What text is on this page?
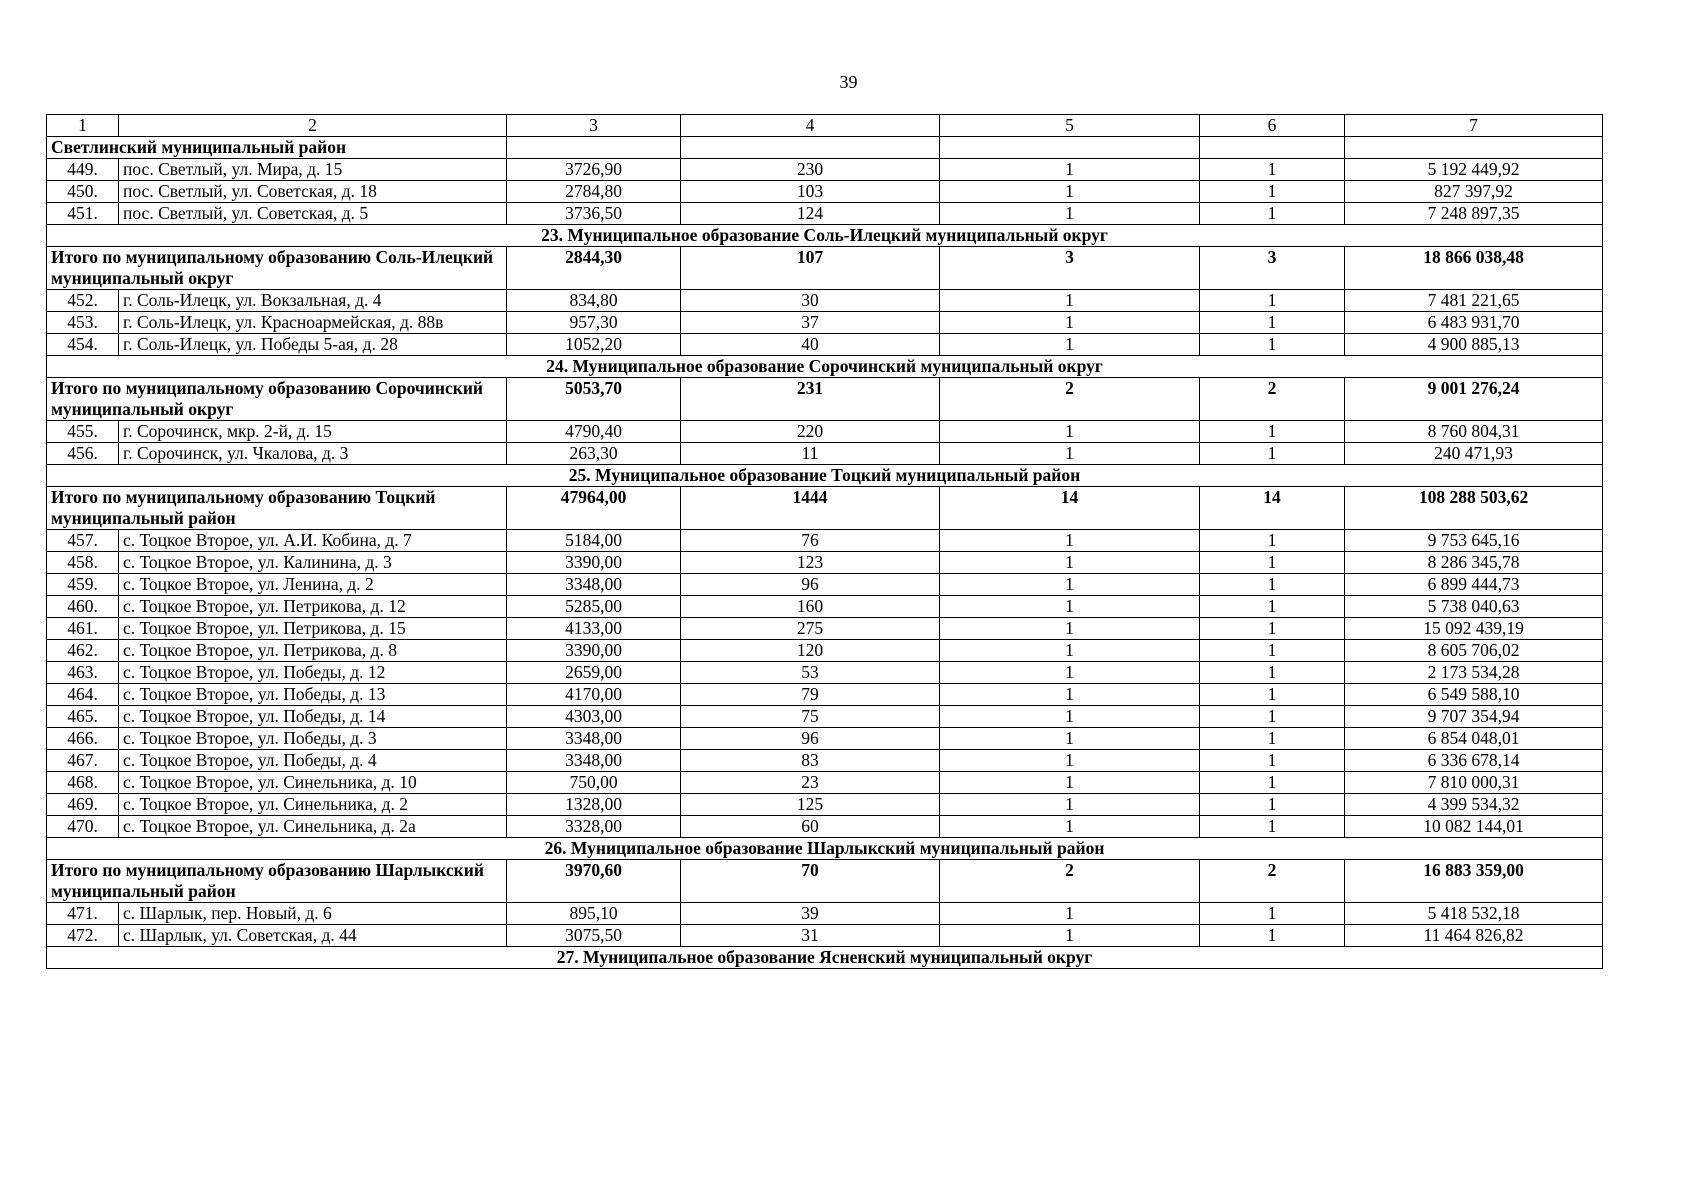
39
1	2	3	4	5	6	7
Светлинский муниципальный район						
449.	пос. Светлый, ул. Мира, д. 15	3726,90	230	1	1	5 192 449,92
450.	пос. Светлый, ул. Советская, д. 18	2784,80	103	1	1	827 397,92
451.	пос. Светлый, ул. Советская, д. 5	3736,50	124	1	1	7 248 897,35
23. Муниципальное образование Соль-Илецкий муниципальный округ						
Итого по муниципальному образованию Соль-Илецкий муниципальный округ		2844,30	107	3	3	18 866 038,48
452.	г. Соль-Илецк, ул. Вокзальная, д. 4	834,80	30	1	1	7 481 221,65
453.	г. Соль-Илецк, ул. Красноармейская, д. 88в	957,30	37	1	1	6 483 931,70
454.	г. Соль-Илецк, ул. Победы 5-ая, д. 28	1052,20	40	1	1	4 900 885,13
24. Муниципальное образование Сорочинский муниципальный округ						
Итого по муниципальному образованию Сорочинский муниципальный округ		5053,70	231	2	2	9 001 276,24
455.	г. Сорочинск, мкр. 2-й, д. 15	4790,40	220	1	1	8 760 804,31
456.	г. Сорочинск, ул. Чкалова, д. 3	263,30	11	1	1	240 471,93
25. Муниципальное образование Тоцкий муниципальный район						
Итого по муниципальному образованию Тоцкий муниципальный район		47964,00	1444	14	14	108 288 503,62
457.	с. Тоцкое Второе, ул. А.И. Кобина, д. 7	5184,00	76	1	1	9 753 645,16
458.	с. Тоцкое Второе, ул. Калинина, д. 3	3390,00	123	1	1	8 286 345,78
459.	с. Тоцкое Второе, ул. Ленина, д. 2	3348,00	96	1	1	6 899 444,73
460.	с. Тоцкое Второе, ул. Петрикова, д. 12	5285,00	160	1	1	5 738 040,63
461.	с. Тоцкое Второе, ул. Петрикова, д. 15	4133,00	275	1	1	15 092 439,19
462.	с. Тоцкое Второе, ул. Петрикова, д. 8	3390,00	120	1	1	8 605 706,02
463.	с. Тоцкое Второе, ул. Победы, д. 12	2659,00	53	1	1	2 173 534,28
464.	с. Тоцкое Второе, ул. Победы, д. 13	4170,00	79	1	1	6 549 588,10
465.	с. Тоцкое Второе, ул. Победы, д. 14	4303,00	75	1	1	9 707 354,94
466.	с. Тоцкое Второе, ул. Победы, д. 3	3348,00	96	1	1	6 854 048,01
467.	с. Тоцкое Второе, ул. Победы, д. 4	3348,00	83	1	1	6 336 678,14
468.	с. Тоцкое Второе, ул. Синельника, д. 10	750,00	23	1	1	7 810 000,31
469.	с. Тоцкое Второе, ул. Синельника, д. 2	1328,00	125	1	1	4 399 534,32
470.	с. Тоцкое Второе, ул. Синельника, д. 2а	3328,00	60	1	1	10 082 144,01
26. Муниципальное образование Шарлыкский муниципальный район						
Итого по муниципальному образованию Шарлыкский муниципальный район		3970,60	70	2	2	16 883 359,00
471.	с. Шарлык, пер. Новый, д. 6	895,10	39	1	1	5 418 532,18
472.	с. Шарлык, ул. Советская, д. 44	3075,50	31	1	1	11 464 826,82
27. Муниципальное образование Ясненский муниципальный округ						
